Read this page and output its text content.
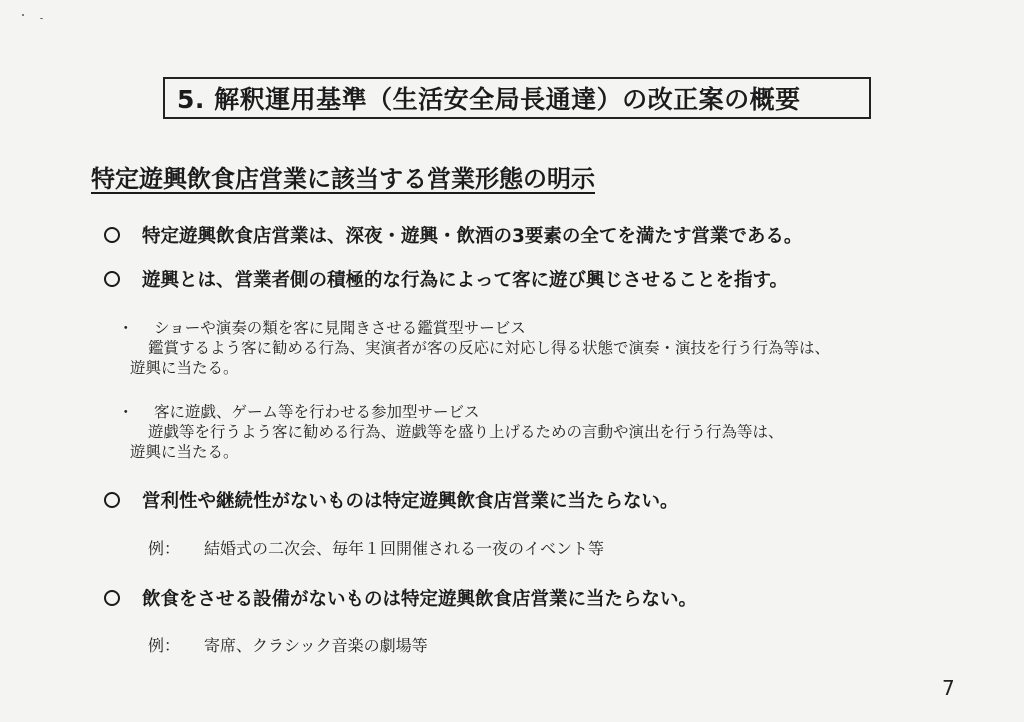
5. 解釈運用基準（生活安全局長通達）の改正案の概要
特定遊興飲食店営業に該当する営業形態の明示
特定遊興飲食店営業は、深夜・遊興・飲酒の3要素の全てを満たす営業である。
遊興とは、営業者側の積極的な行為によって客に遊び興じさせることを指す。
・ ショーや演奏の類を客に見聞きさせる鑑賞型サービス
鑑賞するよう客に勧める行為、実演者が客の反応に対応し得る状態で演奏・演技を行う行為等は、
遊興に当たる。
・ 客に遊戯、ゲーム等を行わせる参加型サービス
遊戯等を行うよう客に勧める行為、遊戯等を盛り上げるための言動や演出を行う行為等は、
遊興に当たる。
営利性や継続性がないものは特定遊興飲食店営業に当たらない。
例： 結婚式の二次会、毎年１回開催される一夜のイベント等
飲食をさせる設備がないものは特定遊興飲食店営業に当たらない。
例： 寄席、クラシック音楽の劇場等
7
